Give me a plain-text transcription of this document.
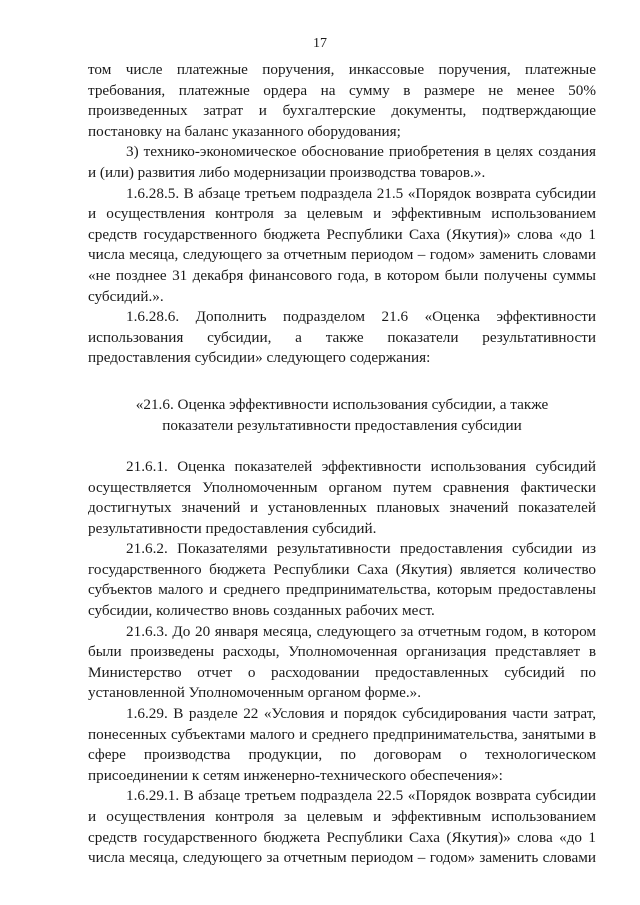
17
том числе платежные поручения, инкассовые поручения, платежные
требования, платежные ордера на сумму в размере не менее 50%
произведенных затрат и бухгалтерские документы, подтверждающие
постановку на баланс указанного оборудования;
3) технико-экономическое обоснование приобретения в целях создания
и (или) развития либо модернизации производства товаров.».
1.6.28.5. В абзаце третьем подраздела 21.5 «Порядок возврата субсидии
и осуществления контроля за целевым и эффективным использованием
средств государственного бюджета Республики Саха (Якутия)» слова «до 1
числа месяца, следующего за отчетным периодом – годом» заменить словами
«не позднее 31 декабря финансового года, в котором были получены суммы
субсидий.».
1.6.28.6. Дополнить подразделом 21.6 «Оценка эффективности
использования субсидии, а также показатели результативности
предоставления субсидии» следующего содержания:
«21.6. Оценка эффективности использования субсидии, а также
показатели результативности предоставления субсидии
21.6.1. Оценка показателей эффективности использования субсидий
осуществляется Уполномоченным органом путем сравнения фактически
достигнутых значений и установленных плановых значений показателей
результативности предоставления субсидий.
21.6.2. Показателями результативности предоставления субсидии из
государственного бюджета Республики Саха (Якутия) является количество
субъектов малого и среднего предпринимательства, которым предоставлены
субсидии, количество вновь созданных рабочих мест.
21.6.3. До 20 января месяца, следующего за отчетным годом, в котором
были произведены расходы, Уполномоченная организация представляет в
Министерство отчет о расходовании предоставленных субсидий по
установленной Уполномоченным органом форме.».
1.6.29. В разделе 22 «Условия и порядок субсидирования части затрат,
понесенных субъектами малого и среднего предпринимательства, занятыми в
сфере производства продукции, по договорам о технологическом
присоединении к сетям инженерно-технического обеспечения»:
1.6.29.1. В абзаце третьем подраздела 22.5 «Порядок возврата субсидии
и осуществления контроля за целевым и эффективным использованием
средств государственного бюджета Республики Саха (Якутия)» слова «до 1
числа месяца, следующего за отчетным периодом – годом» заменить словами
